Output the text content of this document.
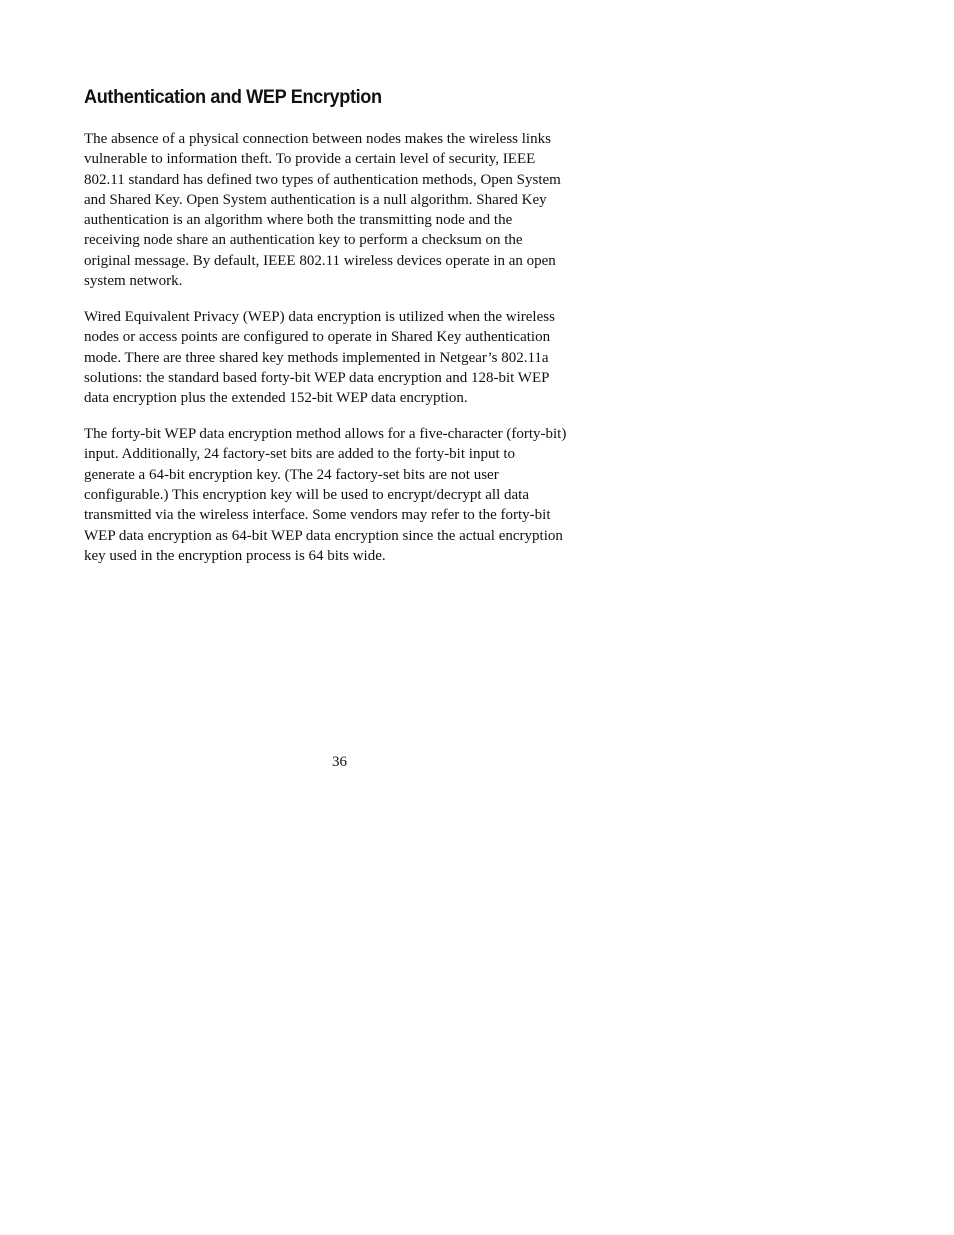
Authentication and WEP Encryption

The absence of a physical connection between nodes makes the wireless links
vulnerable to information theft. To provide a certain level of security, IEEE
802.11 standard has defined two types of authentication methods, Open System
and Shared Key. Open System authentication is a null algorithm. Shared Key
authentication is an algorithm where both the transmitting node and the
receiving node share an authentication key to perform a checksum on the
original message. By default, IEEE 802.11 wireless devices operate in an open
system network.

Wired Equivalent Privacy (WEP) data encryption is utilized when the wireless
nodes or access points are configured to operate in Shared Key authentication
mode. There are three shared key methods implemented in Netgear’s 802.11a
solutions: the standard based forty-bit WEP data encryption and 128-bit WEP
data encryption plus the extended 152-bit WEP data encryption.

The forty-bit WEP data encryption method allows for a five-character (forty-bit)
input. Additionally, 24 factory-set bits are added to the forty-bit input to
generate a 64-bit encryption key. (The 24 factory-set bits are not user
configurable.) This encryption key will be used to encrypt/decrypt all data
transmitted via the wireless interface. Some vendors may refer to the forty-bit
WEP data encryption as 64-bit WEP data encryption since the actual encryption
key used in the encryption process is 64 bits wide.

36
